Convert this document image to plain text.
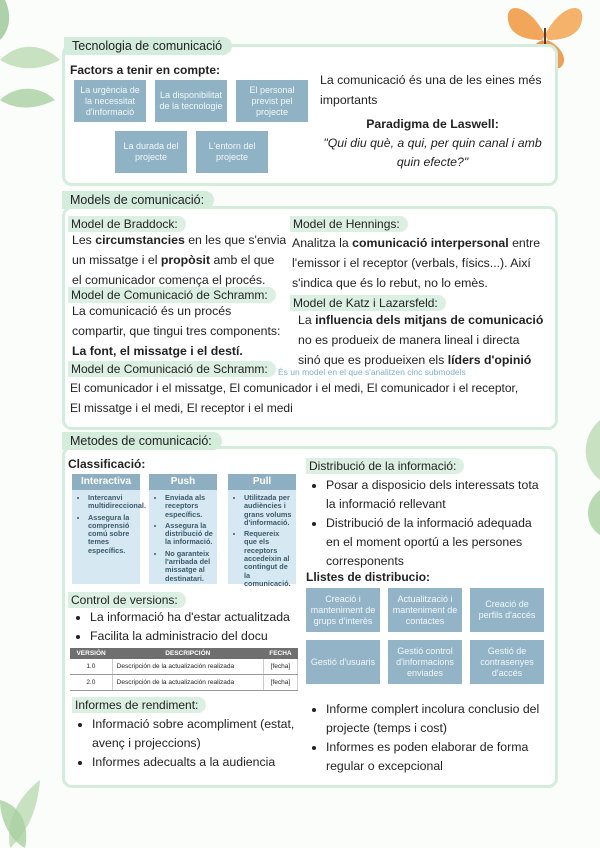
Tecnologia de comunicació
Factors a tenir en compte:
La urgència de la necessitat d'informació
La disponibilitat de la tecnologie
El personal previst pel projecte
La durada del projecte
L'entorn del projecte
La comunicació és una de les eines més importants
Paradigma de Laswell:
"Qui diu què, a qui, per quin canal i amb quin efecte?"
Models de comunicació:
Model de Braddock:
Les circumstancies en les que s'envia
un missatge i el propòsit amb el que
el comunicador comença el procés.
Model de Hennings:
Analitza la comunicació interpersonal entre
l'emissor i el receptor (verbals, físics...). Així
s'indica que és lo rebut, no lo emès.
Model de Comunicació de Schramm:
La comunicació és un procés
compartir, que tingui tres components:
La font, el missatge i el destí.
Model de Katz i Lazarsfeld:
La influencia dels mitjans de comunicació
no es produeix de manera lineal i directa
sinó que es produeixen els líders d'opinió
Model de Comunicació de Schramm:	És un model en el que s'analitzen cinc submodels
El comunicador i el missatge, El comunicador i el medi, El comunicador i el receptor,
El missatge i el medi, El receptor i el medi
Metodes de comunicació:
Classificació:
Interactiva
• Intercanvi multidireccional.
• Assegura la comprensió comú sobre temes específics.
Push
• Enviada als receptors específics.
• Assegura la distribució de la informació.
• No garanteix l'arribada del missatge al destinatari.
Pull
• Utilitzada per audiències i grans volums d'informació.
• Requereix que els receptors accedeixin al contingut de la comunicació.
Distribució de la informació:
• Posar a disposicio dels interessats tota la informació rellevant
• Distribució de la informació adequada en el moment oportú a les persones corresponents
Llistes de distribucio:
Creació i manteniment de grups d'interès
Actualització i manteniment de contactes
Creació de perfils d'accés
Gestió d'usuaris
Gestió control d'informacions enviades
Gestió de contrasenyes d'accés
Control de versions:
• La informació ha d'estar actualitzada
• Facilita la administracio del docu
VERSIÓN	DESCRIPCIÓN	FECHA
1.0	Descripción de la actualización realizada	[fecha]
2.0	Descripción de la actualización realizada	[fecha]
Informes de rendiment:
• Informació sobre acompliment (estat, avenç i projeccions)
• Informes adecualts a la audiencia
• Informe complert incolura conclusio del projecte (temps i cost)
• Informes es poden elaborar de forma regular o excepcional
